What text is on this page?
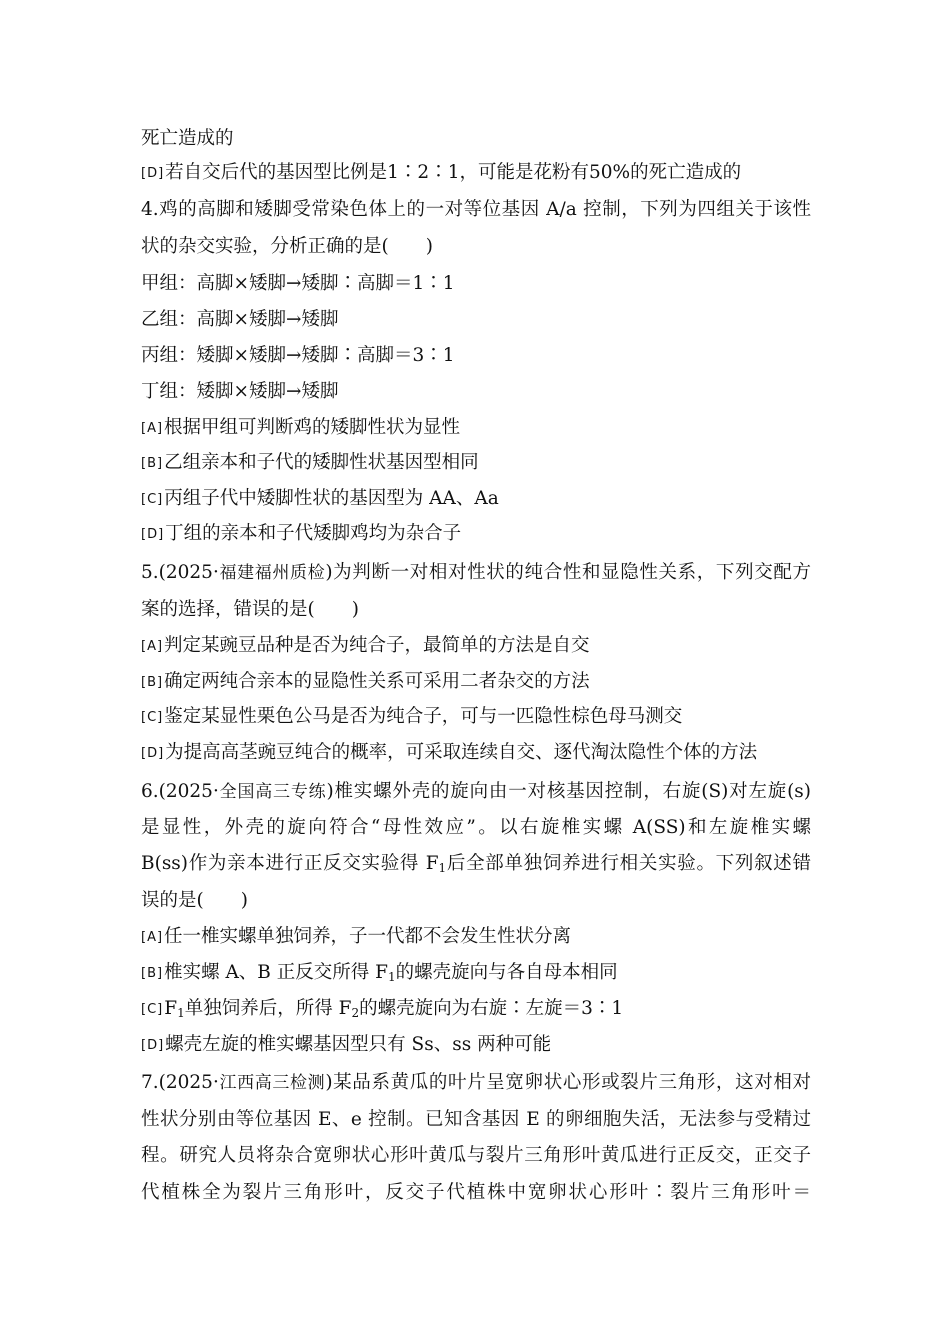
死亡造成的
[D]若自交后代的基因型比例是1∶2∶1，可能是花粉有50%的死亡造成的
4.鸡的高脚和矮脚受常染色体上的一对等位基因 A/a 控制，下列为四组关于该性
状的杂交实验，分析正确的是(　　)
甲组：高脚×矮脚→矮脚∶高脚＝1∶1
乙组：高脚×矮脚→矮脚
丙组：矮脚×矮脚→矮脚∶高脚＝3∶1
丁组：矮脚×矮脚→矮脚
[A]根据甲组可判断鸡的矮脚性状为显性
[B]乙组亲本和子代的矮脚性状基因型相同
[C]丙组子代中矮脚性状的基因型为 AA、Aa
[D]丁组的亲本和子代矮脚鸡均为杂合子
5.(2025·福建福州质检)为判断一对相对性状的纯合性和显隐性关系，下列交配方
案的选择，错误的是(　　)
[A]判定某豌豆品种是否为纯合子，最简单的方法是自交
[B]确定两纯合亲本的显隐性关系可采用二者杂交的方法
[C]鉴定某显性栗色公马是否为纯合子，可与一匹隐性棕色母马测交
[D]为提高高茎豌豆纯合的概率，可采取连续自交、逐代淘汰隐性个体的方法
6.(2025·全国高三专练)椎实螺外壳的旋向由一对核基因控制，右旋(S)对左旋(s)
是显性，外壳的旋向符合“母性效应”。以右旋椎实螺 A(SS)和左旋椎实螺
B(ss)作为亲本进行正反交实验得 $F_1$后全部单独饲养进行相关实验。下列叙述错
误的是(　　)
[A]任一椎实螺单独饲养，子一代都不会发生性状分离
[B]椎实螺 A、B 正反交所得 $F_1$的螺壳旋向与各自母本相同
$[C]F_1$单独饲养后，所得 $F_2$的螺壳旋向为右旋∶左旋＝3∶1
[D]螺壳左旋的椎实螺基因型只有 Ss、ss 两种可能
7.(2025·江西高三检测)某品系黄瓜的叶片呈宽卵状心形或裂片三角形，这对相对
性状分别由等位基因 E、e 控制。已知含基因 E 的卵细胞失活，无法参与受精过
程。研究人员将杂合宽卵状心形叶黄瓜与裂片三角形叶黄瓜进行正反交，正交子
代植株全为裂片三角形叶，反交子代植株中宽卵状心形叶∶裂片三角形叶＝
